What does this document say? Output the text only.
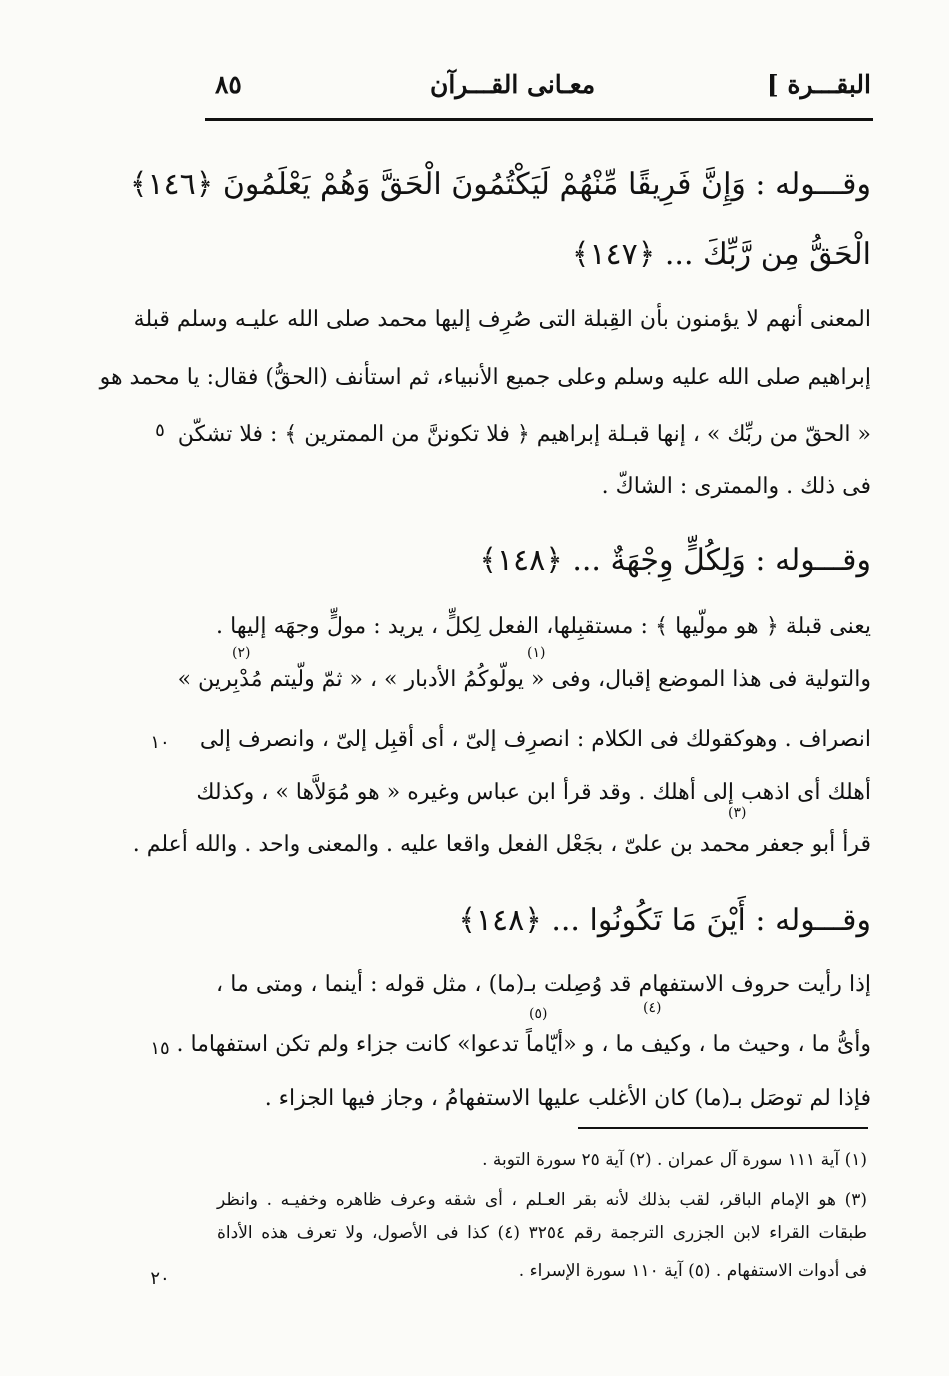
البقـــرة ]
معـانى القـــرآن
٨٥
وقـــوله : وَإِنَّ فَرِيقًا مِّنْهُمْ لَيَكْتُمُونَ الْحَقَّ وَهُمْ يَعْلَمُونَ ﴿١٤٦﴾
الْحَقُّ مِن رَّبِّكَ ... ﴿١٤٧﴾
المعنى أنهم لا يؤمنون بأن القِبلة التى صُرِف إليها محمد صلى الله عليـه وسلم قبلة
إبراهيم صلى الله عليه وسلم وعلى جميع الأنبياء، ثم استأنف (الحقُّ) فقال: يا محمد هو
« الحقّ من ربِّك » ، إنها قبـلة إبراهيم ﴿ فلا تكوننَّ من الممترين ﴾ : فلا تشكّن
فى ذلك . والممترى : الشاكّ .
وقـــوله : وَلِكُلٍّ وِجْهَةٌ ... ﴿١٤٨﴾
يعنى قبلة ﴿ هو مولّيها ﴾ : مستقبِلها، الفعل لِكلٍّ ، يريد : مولٍّ وجهَه إليها .
والتولية فى هذا الموضع إقبال، وفى « يولّوكُمُ الأدبار » ، « ثمّ ولّيتم مُدْبِرين »
انصراف . وهوكقولك فى الكلام : انصرِف إلىّ ، أى أقبِل إلىّ ، وانصرف إلى
أهلك أى اذهب إلى أهلك . وقد قرأ ابن عباس وغيره « هو مُوَلاَّها » ، وكذلك
قرأ أبو جعفر محمد بن علىّ ، بجَعْل الفعل واقعا عليه . والمعنى واحد . والله أعلم .
وقـــوله : أَيْنَ مَا تَكُونُوا ... ﴿١٤٨﴾
إذا رأيت حروف الاستفهام قد وُصِلت بـ(ما) ، مثل قوله : أينما ، ومتى ما ،
وأىُّ ما ، وحيث ما ، وكيف ما ، و «أيّاماً تدعوا» كانت جزاء ولم تكن استفهاما .
فإذا لم توصَل بـ(ما) كان الأغلب عليها الاستفهامُ ، وجاز فيها الجزاء .
(١)
(٢)
(٣)
(٤)
(٥)
٥
١٠
١٥
٢٠
(١) آية ١١١ سورة آل عمران . (٢) آية ٢٥ سورة التوبة .
(٣) هو الإمام الباقر، لقب بذلك لأنه بقر العـلم ، أى شقه وعرف ظاهره وخفيـه . وانظر
طبقات القراء لابن الجزرى الترجمة رقم ٣٢٥٤ (٤) كذا فى الأصول، ولا تعرف هذه الأداة
فى أدوات الاستفهام . (٥) آية ١١٠ سورة الإسراء .
